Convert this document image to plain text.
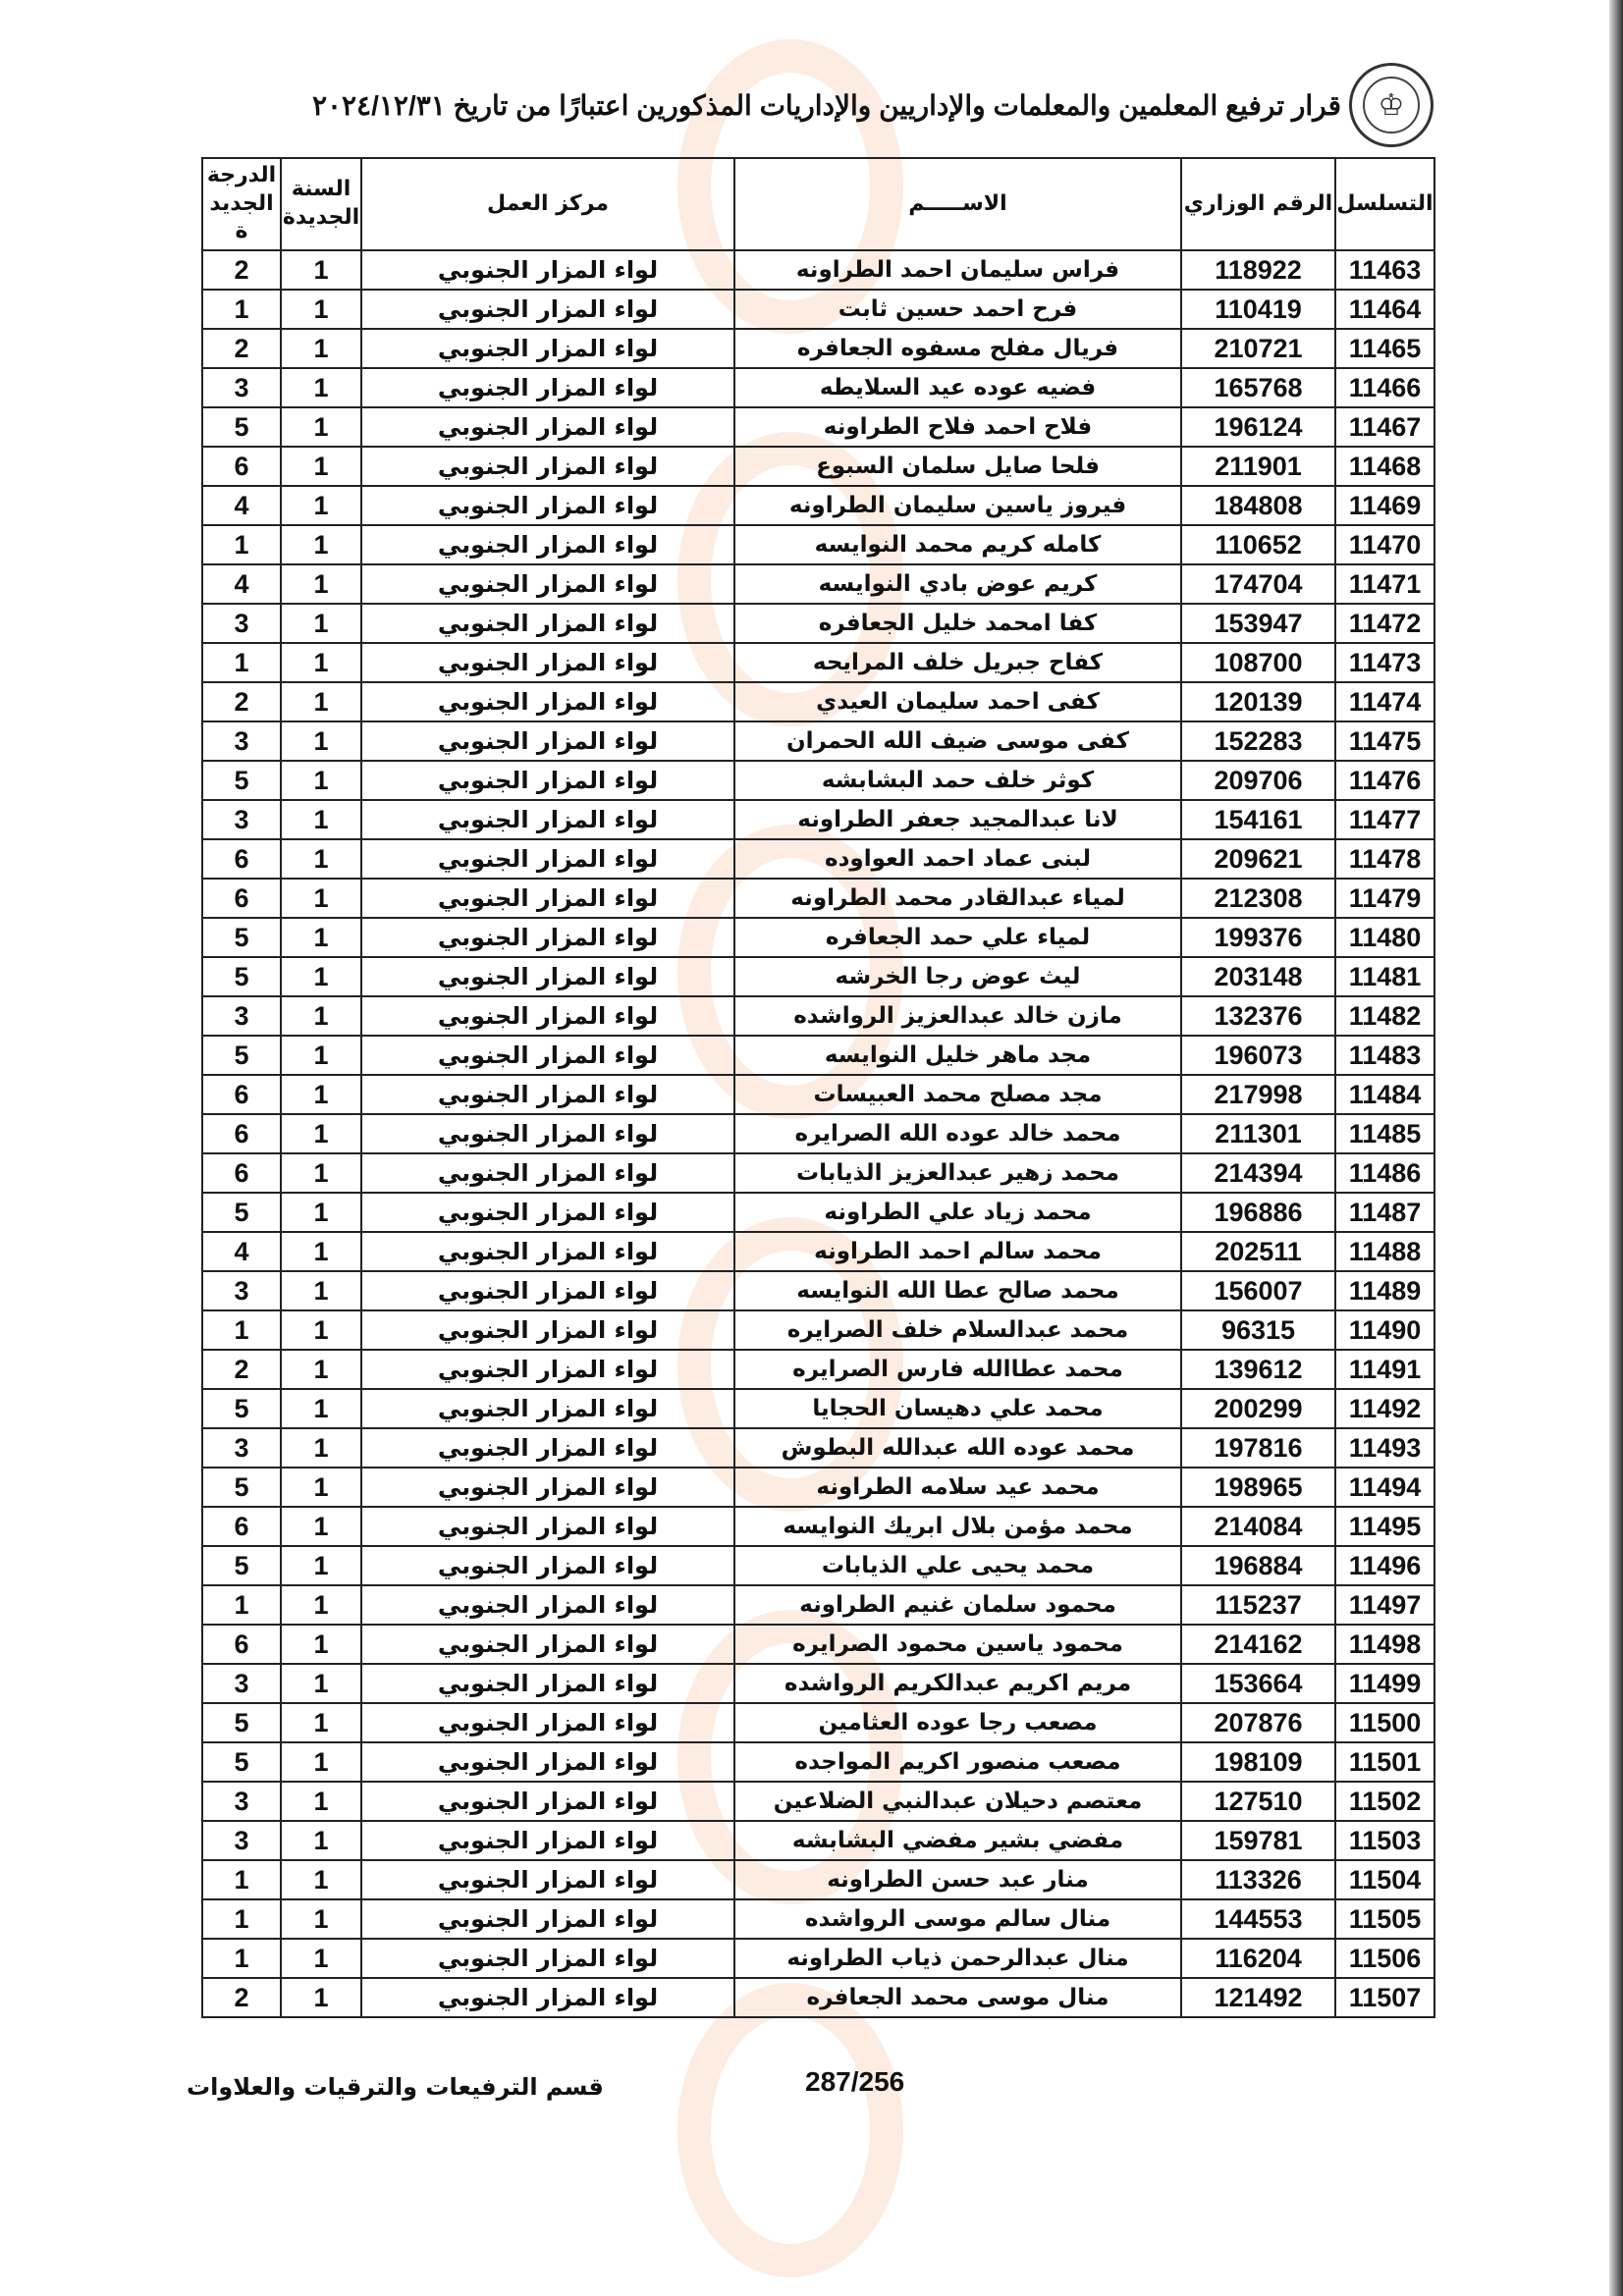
♔
قرار ترفيع المعلمين والمعلمات والإداريين والإداريات المذكورين اعتبارًا من تاريخ ٢٠٢٤/١٢/٣١
التسلسل	الرقم الوزاري	الاســـــم	مركز العمل	السنة الجديدة	الدرجة الجديدة
11463	118922	فراس سليمان احمد الطراونه	لواء المزار الجنوبي	1	2
11464	110419	فرح احمد حسين ثابت	لواء المزار الجنوبي	1	1
11465	210721	فريال مفلح مسفوه الجعافره	لواء المزار الجنوبي	1	2
11466	165768	فضيه عوده عيد السلايطه	لواء المزار الجنوبي	1	3
11467	196124	فلاح احمد فلاح الطراونه	لواء المزار الجنوبي	1	5
11468	211901	فلحا صايل سلمان السبوع	لواء المزار الجنوبي	1	6
11469	184808	فيروز ياسين سليمان الطراونه	لواء المزار الجنوبي	1	4
11470	110652	كامله كريم محمد النوايسه	لواء المزار الجنوبي	1	1
11471	174704	كريم عوض بادي النوايسه	لواء المزار الجنوبي	1	4
11472	153947	كفا امحمد خليل الجعافره	لواء المزار الجنوبي	1	3
11473	108700	كفاح جبريل خلف المرايحه	لواء المزار الجنوبي	1	1
11474	120139	كفى احمد سليمان العيدي	لواء المزار الجنوبي	1	2
11475	152283	كفى موسى ضيف الله الحمران	لواء المزار الجنوبي	1	3
11476	209706	كوثر خلف حمد البشابشه	لواء المزار الجنوبي	1	5
11477	154161	لانا عبدالمجيد جعفر الطراونه	لواء المزار الجنوبي	1	3
11478	209621	لبنى عماد احمد العواوده	لواء المزار الجنوبي	1	6
11479	212308	لمياء عبدالقادر محمد الطراونه	لواء المزار الجنوبي	1	6
11480	199376	لمياء علي حمد الجعافره	لواء المزار الجنوبي	1	5
11481	203148	ليث عوض رجا الخرشه	لواء المزار الجنوبي	1	5
11482	132376	مازن خالد عبدالعزيز الرواشده	لواء المزار الجنوبي	1	3
11483	196073	مجد ماهر خليل النوايسه	لواء المزار الجنوبي	1	5
11484	217998	مجد مصلح محمد العبيسات	لواء المزار الجنوبي	1	6
11485	211301	محمد خالد عوده الله الصرايره	لواء المزار الجنوبي	1	6
11486	214394	محمد زهير عبدالعزيز الذيابات	لواء المزار الجنوبي	1	6
11487	196886	محمد زياد علي الطراونه	لواء المزار الجنوبي	1	5
11488	202511	محمد سالم احمد الطراونه	لواء المزار الجنوبي	1	4
11489	156007	محمد صالح عطا الله النوايسه	لواء المزار الجنوبي	1	3
11490	96315	محمد عبدالسلام خلف الصرايره	لواء المزار الجنوبي	1	1
11491	139612	محمد عطاالله فارس الصرايره	لواء المزار الجنوبي	1	2
11492	200299	محمد علي دهيسان الحجايا	لواء المزار الجنوبي	1	5
11493	197816	محمد عوده الله عبدالله البطوش	لواء المزار الجنوبي	1	3
11494	198965	محمد عيد سلامه الطراونه	لواء المزار الجنوبي	1	5
11495	214084	محمد مؤمن بلال ابريك النوايسه	لواء المزار الجنوبي	1	6
11496	196884	محمد يحيى علي الذيابات	لواء المزار الجنوبي	1	5
11497	115237	محمود سلمان غنيم الطراونه	لواء المزار الجنوبي	1	1
11498	214162	محمود ياسين محمود الصرايره	لواء المزار الجنوبي	1	6
11499	153664	مريم اكريم عبدالكريم الرواشده	لواء المزار الجنوبي	1	3
11500	207876	مصعب رجا عوده العثامين	لواء المزار الجنوبي	1	5
11501	198109	مصعب منصور اكريم المواجده	لواء المزار الجنوبي	1	5
11502	127510	معتصم دحيلان عبدالنبي الضلاعين	لواء المزار الجنوبي	1	3
11503	159781	مفضي بشير مفضي البشابشه	لواء المزار الجنوبي	1	3
11504	113326	منار عبد حسن الطراونه	لواء المزار الجنوبي	1	1
11505	144553	منال سالم موسى الرواشده	لواء المزار الجنوبي	1	1
11506	116204	منال عبدالرحمن ذياب الطراونه	لواء المزار الجنوبي	1	1
11507	121492	منال موسى محمد الجعافره	لواء المزار الجنوبي	1	2
287/256
قسم الترفيعات والترقيات والعلاوات
